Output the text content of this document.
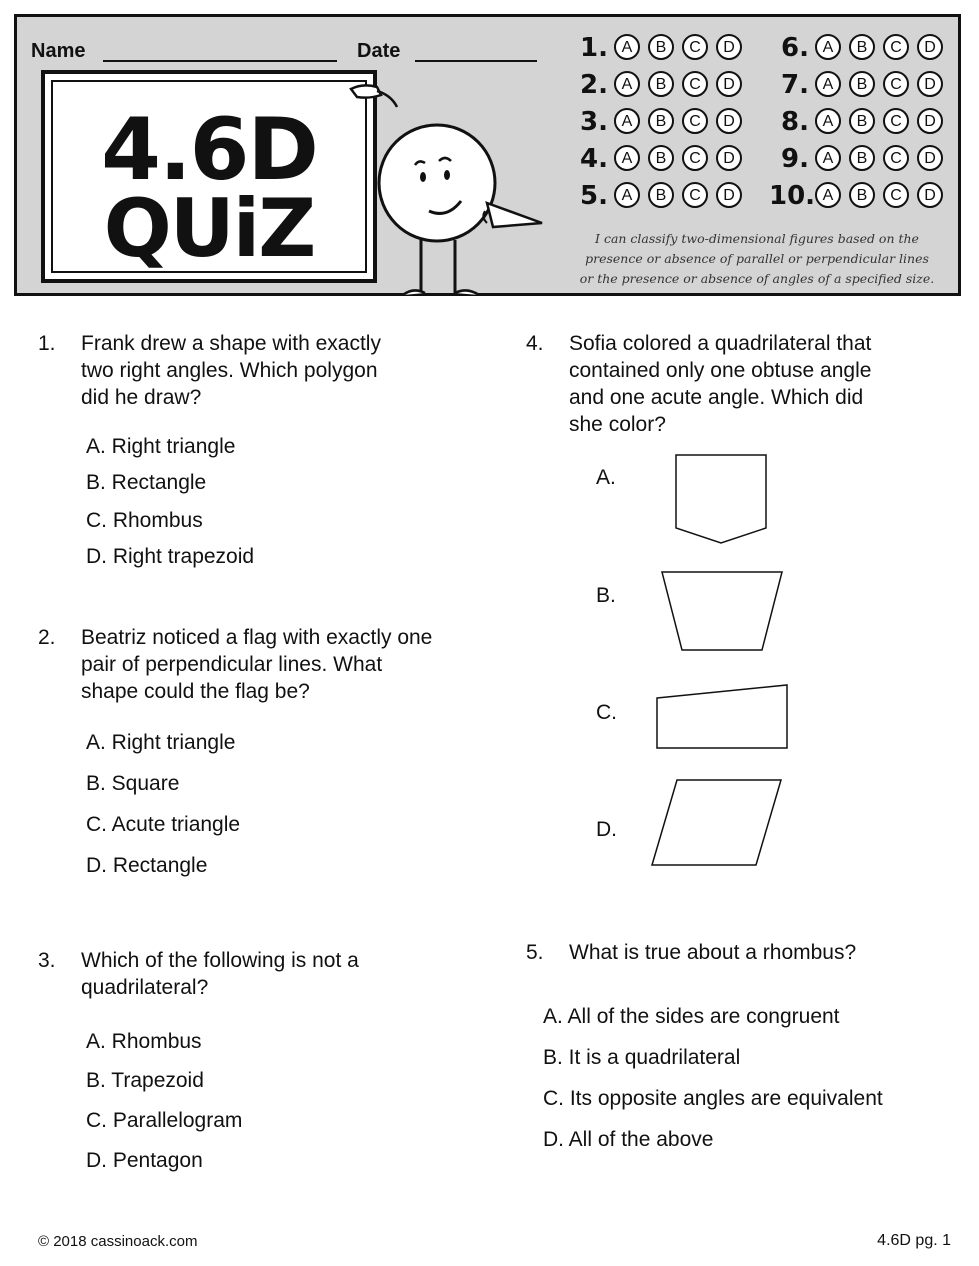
Name	Date
4.6D
QUiZ
1. A	B	C	D
2. A	B	C	D
3. A	B	C	D
4. A	B	C	D
5. A	B	C	D
6. A	B	C	D
7. A	B	C	D
8. A	B	C	D
9. A	B	C	D
10. A	B	C	D
I can classify two-dimensional figures based on the presence or absence of parallel or perpendicular lines or the presence or absence of angles of a specified size.
1. Frank drew a shape with exactly
two right angles. Which polygon
did he draw?
A. Right triangle
B. Rectangle
C. Rhombus
D. Right trapezoid
2. Beatriz noticed a flag with exactly one
pair of perpendicular lines. What
shape could the flag be?
A. Right triangle
B. Square
C. Acute triangle
D. Rectangle
3. Which of the following is not a
quadrilateral?
A. Rhombus
B. Trapezoid
C. Parallelogram
D. Pentagon
4. Sofia colored a quadrilateral that
contained only one obtuse angle
and one acute angle. Which did
she color?
A.
B.
C.
D.
5. What is true about a rhombus?
A. All of the sides are congruent
B. It is a quadrilateral
C. Its opposite angles are equivalent
D. All of the above
© 2018 cassinoack.com	4.6D pg. 1
